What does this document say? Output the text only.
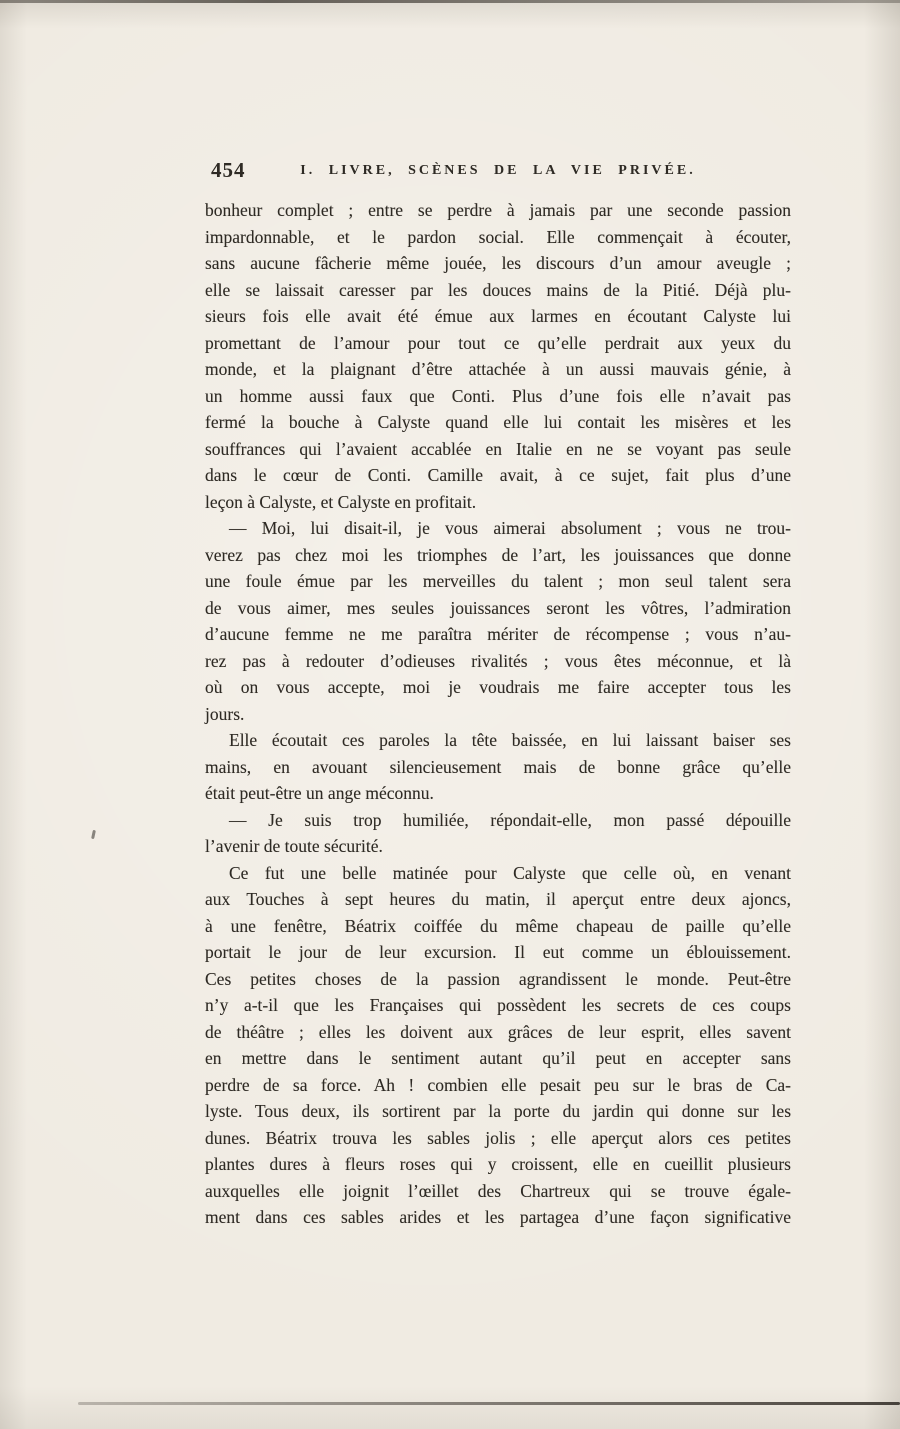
454	I. LIVRE, SCÈNES DE LA VIE PRIVÉE.
bonheur complet ; entre se perdre à jamais par une seconde passion
impardonnable, et le pardon social. Elle commençait à écouter,
sans aucune fâcherie même jouée, les discours d’un amour aveugle ;
elle se laissait caresser par les douces mains de la Pitié. Déjà plu-
sieurs fois elle avait été émue aux larmes en écoutant Calyste lui
promettant de l’amour pour tout ce qu’elle perdrait aux yeux du
monde, et la plaignant d’être attachée à un aussi mauvais génie, à
un homme aussi faux que Conti. Plus d’une fois elle n’avait pas
fermé la bouche à Calyste quand elle lui contait les misères et les
souffrances qui l’avaient accablée en Italie en ne se voyant pas seule
dans le cœur de Conti. Camille avait, à ce sujet, fait plus d’une
leçon à Calyste, et Calyste en profitait.
— Moi, lui disait-il, je vous aimerai absolument ; vous ne trou-
verez pas chez moi les triomphes de l’art, les jouissances que donne
une foule émue par les merveilles du talent ; mon seul talent sera
de vous aimer, mes seules jouissances seront les vôtres, l’admiration
d’aucune femme ne me paraîtra mériter de récompense ; vous n’au-
rez pas à redouter d’odieuses rivalités ; vous êtes méconnue, et là
où on vous accepte, moi je voudrais me faire accepter tous les
jours.
Elle écoutait ces paroles la tête baissée, en lui laissant baiser ses
mains, en avouant silencieusement mais de bonne grâce qu’elle
était peut-être un ange méconnu.
— Je suis trop humiliée, répondait-elle, mon passé dépouille
l’avenir de toute sécurité.
Ce fut une belle matinée pour Calyste que celle où, en venant
aux Touches à sept heures du matin, il aperçut entre deux ajoncs,
à une fenêtre, Béatrix coiffée du même chapeau de paille qu’elle
portait le jour de leur excursion. Il eut comme un éblouissement.
Ces petites choses de la passion agrandissent le monde. Peut-être
n’y a-t-il que les Françaises qui possèdent les secrets de ces coups
de théâtre ; elles les doivent aux grâces de leur esprit, elles savent
en mettre dans le sentiment autant qu’il peut en accepter sans
perdre de sa force. Ah ! combien elle pesait peu sur le bras de Ca-
lyste. Tous deux, ils sortirent par la porte du jardin qui donne sur les
dunes. Béatrix trouva les sables jolis ; elle aperçut alors ces petites
plantes dures à fleurs roses qui y croissent, elle en cueillit plusieurs
auxquelles elle joignit l’œillet des Chartreux qui se trouve égale-
ment dans ces sables arides et les partagea d’une façon significative
